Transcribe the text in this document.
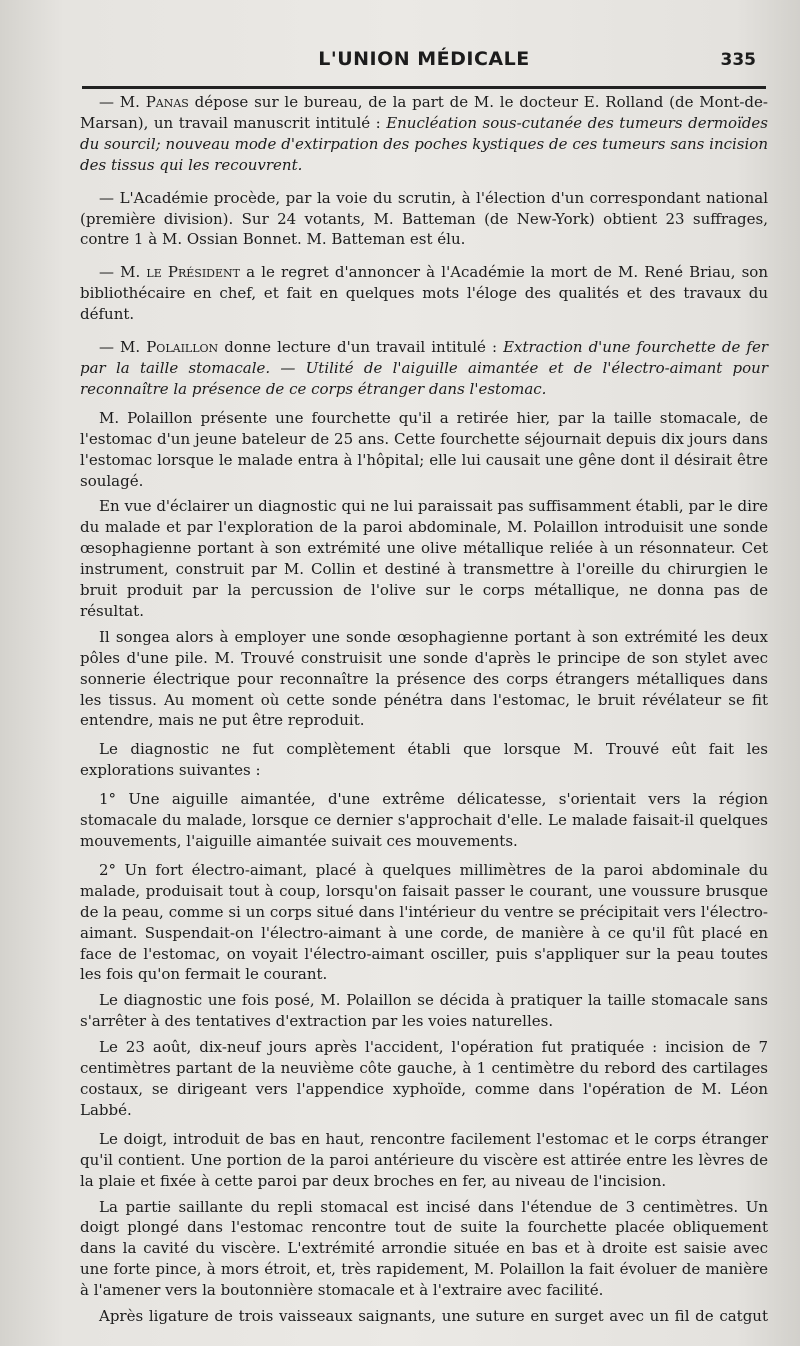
L'UNION MÉDICALE	335

— M. Panas dépose sur le bureau, de la part de M. le docteur E. Rolland (de Mont-de-Marsan), un travail manuscrit intitulé : Enucléation sous-cutanée des tumeurs dermoïdes du sourcil; nouveau mode d'extirpation des poches kystiques de ces tumeurs sans incision des tissus qui les recouvrent.

— L'Académie procède, par la voie du scrutin, à l'élection d'un correspondant national (première division). Sur 24 votants, M. Batteman (de New-York) obtient 23 suffrages, contre 1 à M. Ossian Bonnet. M. Batteman est élu.

— M. le Président a le regret d'annoncer à l'Académie la mort de M. René Briau, son bibliothécaire en chef, et fait en quelques mots l'éloge des qualités et des travaux du défunt.

— M. Polaillon donne lecture d'un travail intitulé : Extraction d'une fourchette de fer par la taille stomacale. — Utilité de l'aiguille aimantée et de l'électro-aimant pour reconnaître la présence de ce corps étranger dans l'estomac.

M. Polaillon présente une fourchette qu'il a retirée hier, par la taille stomacale, de l'estomac d'un jeune bateleur de 25 ans. Cette fourchette séjournait depuis dix jours dans l'estomac lorsque le malade entra à l'hôpital; elle lui causait une gêne dont il désirait être soulagé.

En vue d'éclairer un diagnostic qui ne lui paraissait pas suffisamment établi, par le dire du malade et par l'exploration de la paroi abdominale, M. Polaillon introduisit une sonde œsophagienne portant à son extrémité une olive métallique reliée à un résonnateur. Cet instrument, construit par M. Collin et destiné à transmettre à l'oreille du chirurgien le bruit produit par la percussion de l'olive sur le corps métallique, ne donna pas de résultat.

Il songea alors à employer une sonde œsophagienne portant à son extrémité les deux pôles d'une pile. M. Trouvé construisit une sonde d'après le principe de son stylet avec sonnerie électrique pour reconnaître la présence des corps étrangers métalliques dans les tissus. Au moment où cette sonde pénétra dans l'estomac, le bruit révélateur se fit entendre, mais ne put être reproduit.

Le diagnostic ne fut complètement établi que lorsque M. Trouvé eût fait les explorations suivantes :

1° Une aiguille aimantée, d'une extrême délicatesse, s'orientait vers la région stomacale du malade, lorsque ce dernier s'approchait d'elle. Le malade faisait-il quelques mouvements, l'aiguille aimantée suivait ces mouvements.

2° Un fort électro-aimant, placé à quelques millimètres de la paroi abdominale du malade, produisait tout à coup, lorsqu'on faisait passer le courant, une voussure brusque de la peau, comme si un corps situé dans l'intérieur du ventre se précipitait vers l'électro-aimant. Suspendait-on l'électro-aimant à une corde, de manière à ce qu'il fût placé en face de l'estomac, on voyait l'électro-aimant osciller, puis s'appliquer sur la peau toutes les fois qu'on fermait le courant.

Le diagnostic une fois posé, M. Polaillon se décida à pratiquer la taille stomacale sans s'arrêter à des tentatives d'extraction par les voies naturelles.

Le 23 août, dix-neuf jours après l'accident, l'opération fut pratiquée : incision de 7 centimètres partant de la neuvième côte gauche, à 1 centimètre du rebord des cartilages costaux, se dirigeant vers l'appendice xyphoïde, comme dans l'opération de M. Léon Labbé.

Le doigt, introduit de bas en haut, rencontre facilement l'estomac et le corps étranger qu'il contient. Une portion de la paroi antérieure du viscère est attirée entre les lèvres de la plaie et fixée à cette paroi par deux broches en fer, au niveau de l'incision.

La partie saillante du repli stomacal est incisé dans l'étendue de 3 centimètres. Un doigt plongé dans l'estomac rencontre tout de suite la fourchette placée obliquement dans la cavité du viscère. L'extrémité arrondie située en bas et à droite est saisie avec une forte pince, à mors étroit, et, très rapidement, M. Polaillon la fait évoluer de manière à l'amener vers la boutonnière stomacale et à l'extraire avec facilité.

Après ligature de trois vaisseaux saignants, une suture en surget avec un fil de catgut
